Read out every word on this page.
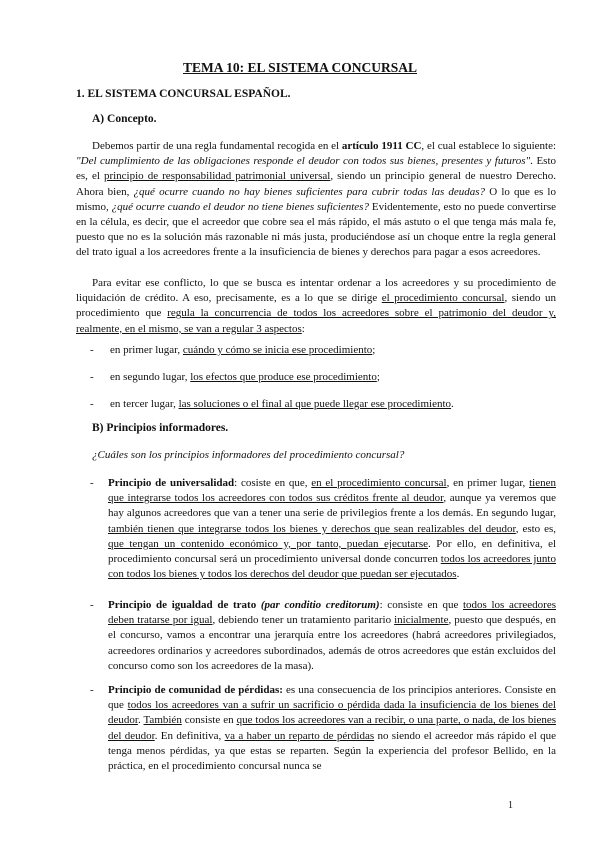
TEMA 10: EL SISTEMA CONCURSAL
1. EL SISTEMA CONCURSAL ESPAÑOL.
A) Concepto.
Debemos partir de una regla fundamental recogida en el artículo 1911 CC, el cual establece lo siguiente: "Del cumplimiento de las obligaciones responde el deudor con todos sus bienes, presentes y futuros". Esto es, el principio de responsabilidad patrimonial universal, siendo un principio general de nuestro Derecho. Ahora bien, ¿qué ocurre cuando no hay bienes suficientes para cubrir todas las deudas? O lo que es lo mismo, ¿qué ocurre cuando el deudor no tiene bienes suficientes? Evidentemente, esto no puede convertirse en la célula, es decir, que el acreedor que cobre sea el más rápido, el más astuto o el que tenga más mala fe, puesto que no es la solución más razonable ni más justa, produciéndose así un choque entre la regla general del trato igual a los acreedores frente a la insuficiencia de bienes y derechos para pagar a esos acreedores.
Para evitar ese conflicto, lo que se busca es intentar ordenar a los acreedores y su procedimiento de liquidación de crédito. A eso, precisamente, es a lo que se dirige el procedimiento concursal, siendo un procedimiento que regula la concurrencia de todos los acreedores sobre el patrimonio del deudor y, realmente, en el mismo, se van a regular 3 aspectos:
- en primer lugar, cuándo y cómo se inicia ese procedimiento;
- en segundo lugar, los efectos que produce ese procedimiento;
- en tercer lugar, las soluciones o el final al que puede llegar ese procedimiento.
B) Principios informadores.
¿Cuáles son los principios informadores del procedimiento concursal?
- Principio de universalidad: cosiste en que, en el procedimiento concursal, en primer lugar, tienen que integrarse todos los acreedores con todos sus créditos frente al deudor, aunque ya veremos que hay algunos acreedores que van a tener una serie de privilegios frente a los demás. En segundo lugar, también tienen que integrarse todos los bienes y derechos que sean realizables del deudor, esto es, que tengan un contenido económico y, por tanto, puedan ejecutarse. Por ello, en definitiva, el procedimiento concursal será un procedimiento universal donde concurren todos los acreedores junto con todos los bienes y todos los derechos del deudor que puedan ser ejecutados.
- Principio de igualdad de trato (par conditio creditorum): consiste en que todos los acreedores deben tratarse por igual, debiendo tener un tratamiento paritario inicialmente, puesto que después, en el concurso, vamos a encontrar una jerarquía entre los acreedores (habrá acreedores privilegiados, acreedores ordinarios y acreedores subordinados, además de otros acreedores que están excluidos del concurso como son los acreedores de la masa).
- Principio de comunidad de pérdidas: es una consecuencia de los principios anteriores. Consiste en que todos los acreedores van a sufrir un sacrificio o pérdida dada la insuficiencia de los bienes del deudor. También consiste en que todos los acreedores van a recibir, o una parte, o nada, de los bienes del deudor. En definitiva, va a haber un reparto de pérdidas no siendo el acreedor más rápido el que tenga menos pérdidas, ya que estas se reparten. Según la experiencia del profesor Bellido, en la práctica, en el procedimiento concursal nunca se
1
